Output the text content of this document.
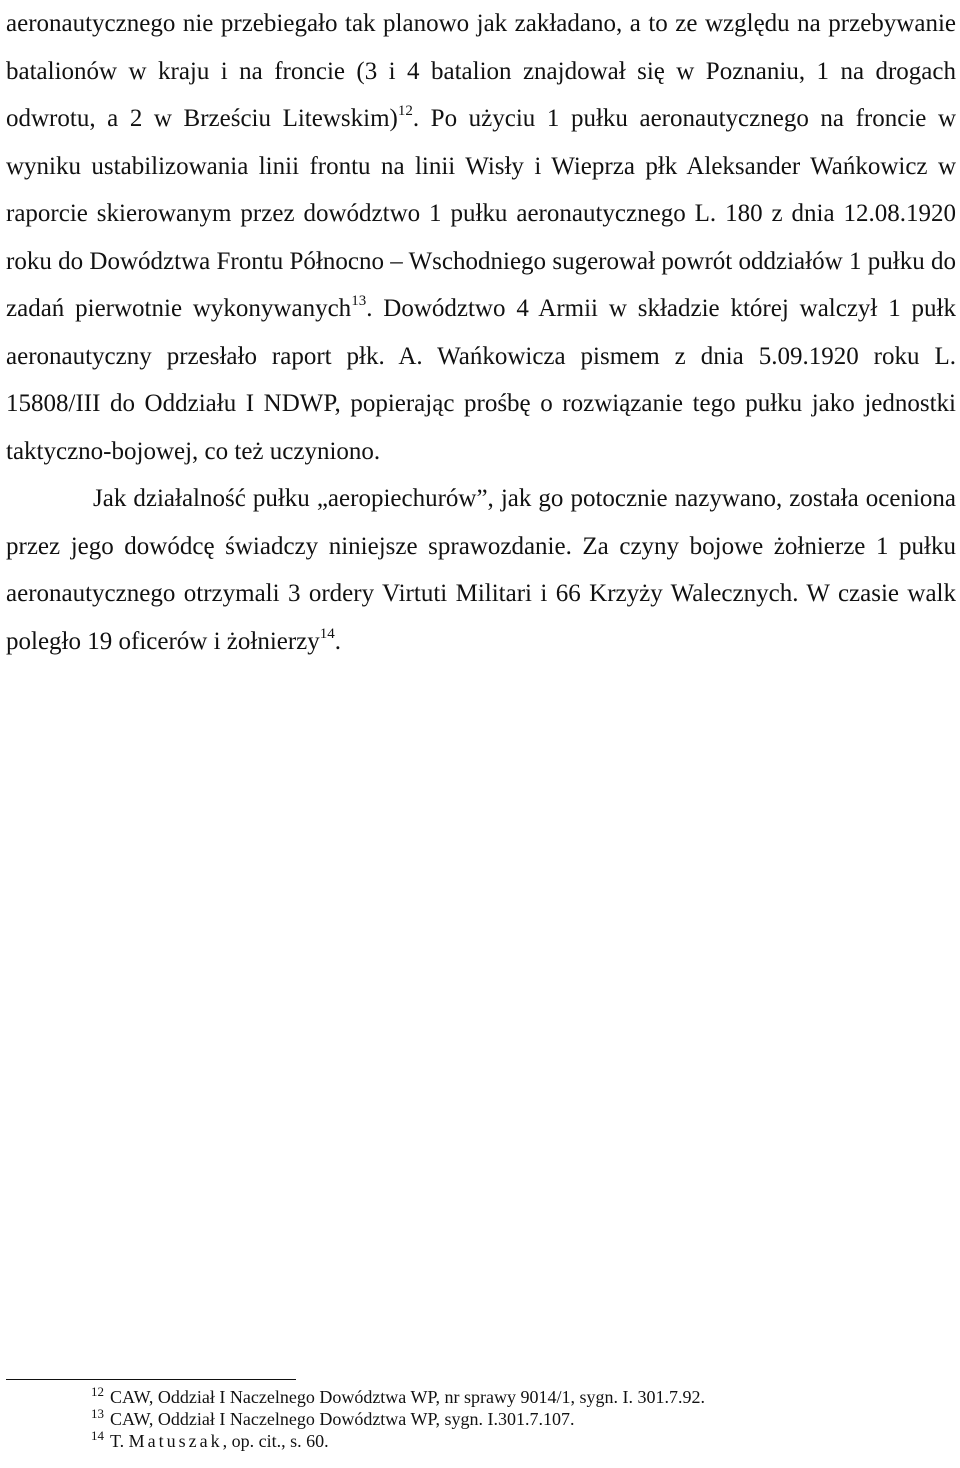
aeronautycznego nie przebiegało tak planowo jak zakładano, a to ze względu na przebywanie batalionów w kraju i na froncie (3 i 4 batalion znajdował się w Poznaniu, 1 na drogach odwrotu, a 2 w Brześciu Litewskim)$^{12}$. Po użyciu 1 pułku aeronautycznego na froncie w wyniku ustabilizowania linii frontu na linii Wisły i Wieprza płk Aleksander Wańkowicz w raporcie skierowanym przez dowództwo 1 pułku aeronautycznego L. 180 z dnia 12.08.1920 roku do Dowództwa Frontu Północno – Wschodniego sugerował powrót oddziałów 1 pułku do zadań pierwotnie wykonywanych$^{13}$. Dowództwo 4 Armii w składzie której walczył 1 pułk aeronautyczny przesłało raport płk. A. Wańkowicza pismem z dnia 5.09.1920 roku L. 15808/III do Oddziału I NDWP, popierając prośbę o rozwiązanie tego pułku jako jednostki taktyczno-bojowej, co też uczyniono.

Jak działalność pułku „aeropiechurów”, jak go potocznie nazywano, została oceniona przez jego dowódcę świadczy niniejsze sprawozdanie. Za czyny bojowe żołnierze 1 pułku aeronautycznego otrzymali 3 ordery Virtuti Militari i 66 Krzyży Walecznych. W czasie walk poległo 19 oficerów i żołnierzy$^{14}$.

$^{12}$ CAW, Oddział I Naczelnego Dowództwa WP, nr sprawy 9014/1, sygn. I. 301.7.92.

$^{13}$ CAW, Oddział I Naczelnego Dowództwa WP, sygn. I.301.7.107.

$^{14}$ T. Matuszak, op. cit., s. 60.
